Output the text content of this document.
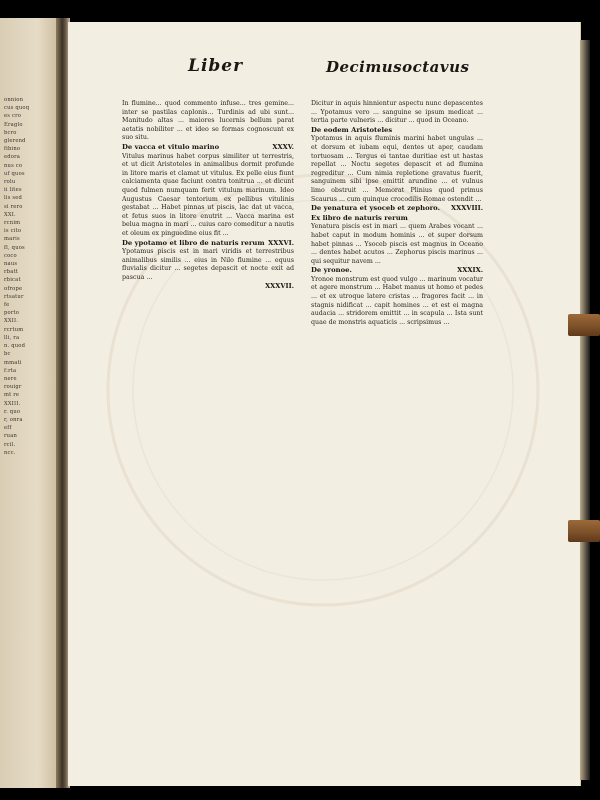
onnion
cus quoq
es cro
Eraglo
bcro
glerend
fibino
edora
nus co
uf quos
rolu
ii lites
lis sed
si rero
XXI.
rcnim
is cito
maris
fl, quos
coco
naus
rbatt
rbicat
ofrope
rtsatur
fe
porto
XXII.
rcrtum
lli, ra
n. quod
bc
mmati
f:rta
nere
rouigr
mt re
XXIII.
r. quo
r, onra
eff
ruan
rcil.
ncc.
Liber	Decimusoctavus

In flumine... quod commento infuse... tres gemine... inter se pastilas caplonis... Turdinis ad ubi sunt... Manitudo altas ... maiores lucernis bellum parat aetatis nobiliter ... et ideo se formas cognoscunt ex suo situ.

XXXV.
De vacca et vitulo marino

Vitulus marinus habet corpus similiter ut terrestris, et ut dicit Aristoteles in animalibus dormit profunde in litore maris et clamat ut vitulus. Ex pelle eius fiunt calciamenta quae faciunt contra tonitrua ... et dicunt quod fulmen numquam ferit vitulum marinum. Ideo Augustus Caesar tentorium ex pellibus vitulinis gestabat ... Habet pinnas ut piscis, lac dat ut vacca, et fetus suos in litore enutrit ... Vacca marina est belua magna in mari ... cuius caro comeditur a nautis et oleum ex pinguedine eius fit ...

XXXVI.
De ypotamo et libro de naturis rerum

Ypotamus piscis est in mari viridis et terrestribus animalibus similis ... eius in Nilo flumine ... equus fluvialis dicitur ... segetes depascit et nocte exit ad pascua ...

XXXVII.

Dicitur in aquis hinnientur aspectu nunc depascentes ... Ypotamus vero ... sanguine se ipsum medicat ... tertia parte vulneris ... dicitur ... quod in Oceano.

De eodem Aristoteles

Ypotamus in aquis fluminis marini habet ungulas ... et dorsum et iubam equi, dentes ut aper, caudam tortuosam ... Tergus ei tantae duritiae est ut hastas repellat ... Noctu segetes depascit et ad flumina regreditur ... Cum nimia repletione gravatus fuerit, sanguinem sibi ipse emittit arundine ... et vulnus limo obstruit ... Memorat Plinius quod primus Scaurus ... cum quinque crocodilis Romae ostendit ...

XXXVIII.

De yenatura et ysoceb et zephoro.

Ex libro de naturis rerum

Yenatura piscis est in mari ... quem Arabes vocant ... habet caput in modum hominis ... et super dorsum habet pinnas ... Ysoceb piscis est magnus in Oceano ... dentes habet acutos ... Zephorus piscis marinus ... qui sequitur navem ...

XXXIX.

De yronoe.

Yronoe monstrum est quod vulgo ... marinum vocatur et agere monstrum ... Habet manus ut homo et pedes ... et ex utroque latere cristas ... fragores facit ... in stagnis nidificat ... capit homines ... et est ei magna audacia ... stridorem emittit ... in scapula ... Ista sunt quae de monstris aquaticis ... scripsimus ...
